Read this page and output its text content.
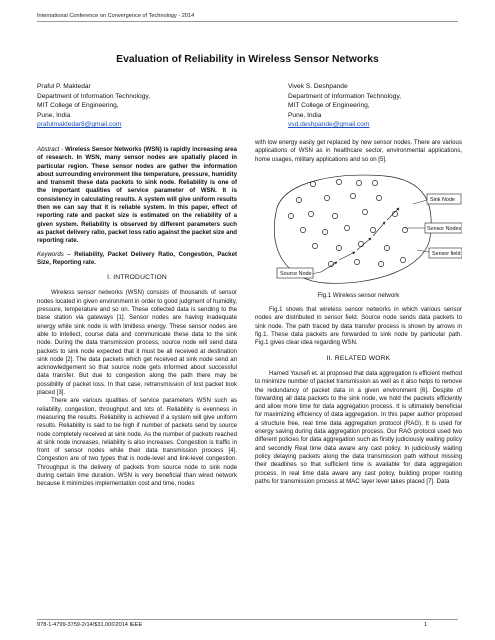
International Conference on Convergence of Technology - 2014
Evaluation of Reliability in Wireless Sensor Networks
Praful P. Maktedar
Department of Information Technology,
MIT College of Engineering,
Pune, India
prafulmaktedar8@gmail.com
Vivek S. Deshpande
Department of Information Technology,
MIT College of Engineering,
Pune, India
vsd.deshpande@gmail.com

Abstract - Wireless Sensor Networks (WSN) is rapidly increasing area of research. In WSN, many sensor nodes are spatially placed in particular region. These sensor nodes are gather the information about surrounding environment like temperature, pressure, humidity and transmit these data packets to sink node. Reliability is one of the important qualities of service parameter of WSN. It is consistency in calculating results. A system will give uniform results then we can say that it is reliable system. In this paper, effect of reporting rate and packet size is estimated on the reliability of a given system. Reliability is observed by different parameters such as packet delivery ratio, packet loss ratio against the packet size and reporting rate.

Keywords – Reliability, Packet Delivery Ratio, Congestion, Packet Size, Reporting rate.

I. INTRODUCTION

Wireless sensor networks (WSN) consists of thousands of sensor nodes located in given environment in order to good judgment of humidity, pressure, temperature and so on. These collected data is sending to the base station via gateways [1]. Sensor nodes are having inadequate energy while sink node is with limitless energy. These sensor nodes are able to intellect, course data and communicate these data to the sink node. During the data transmission process, source node will send data packets to sink node expected that it must be all received at destination sink node [2]. The data packets which get received at sink node send an acknowledgement so that source node gets informed about successful data transfer. But due to congestion along the path there may be possibility of packet loss. In that case, retransmission of lost packet took placed [3].

There are various qualities of service parameters WSN such as reliability, congestion, throughput and lots of. Reliability is evenness in measuring the results. Reliability is achieved if a system will give uniform results. Reliability is said to be high if number of packets send by source node completely received at sink node. As the number of packets reached at sink node increases, reliability is also increases. Congestion is traffic in front of sensor nodes while their data transmission process [4]. Congestion are of two types that is node-level and link-level congestion. Throughput is the delivery of packets from source node to sink node during certain time duration. WSN is very beneficial than wired network because it minimizes implementation cost and time, nodes

with low energy easily get replaced by new sensor nodes. There are various applications of WSN as in healthcare sector, environmental applications, home usages, military applications and so on [5].

Sink Node
Sensor Nodes
Sensor field
Source Node

Fig.1 Wireless sensor network

Fig.1 shows that wireless sensor networks in which various sensor nodes are distributed in sensor field. Source node sends data packets to sink node. The path traced by data transfer process is shown by arrows in fig.1. These data packets are forwarded to sink node by particular path. Fig.1 gives clear idea regarding WSN.

II. RELATED WORK

Hamed Yousefi et. al proposed that data aggregation is efficient method to minimize number of packet transmission as well as it also helps to remove the redundancy of packet data in a given environment [6]. Despite of forwarding all data packets to the sink node, we hold the packets efficiently and allow more time for data aggregation process. It is ultimately beneficial for maximizing efficiency of data aggregation. In this paper author proposed a structure free, real time data aggregation protocol (RAG). It is used for energy saving during data aggregation process. Our RAG protocol used two different policies for data aggregation such as firstly judiciously waiting policy and secondly Real time data aware any cast policy. In judiciously waiting policy delaying packets along the data transmission path without missing their deadlines so that sufficient time is available for data aggregation process. In real time data aware any cast policy, building proper routing paths for transmission process at MAC layer level takes placed [7]. Data

978-1-4799-3759-2/14/$31.00©2014 IEEE	1
